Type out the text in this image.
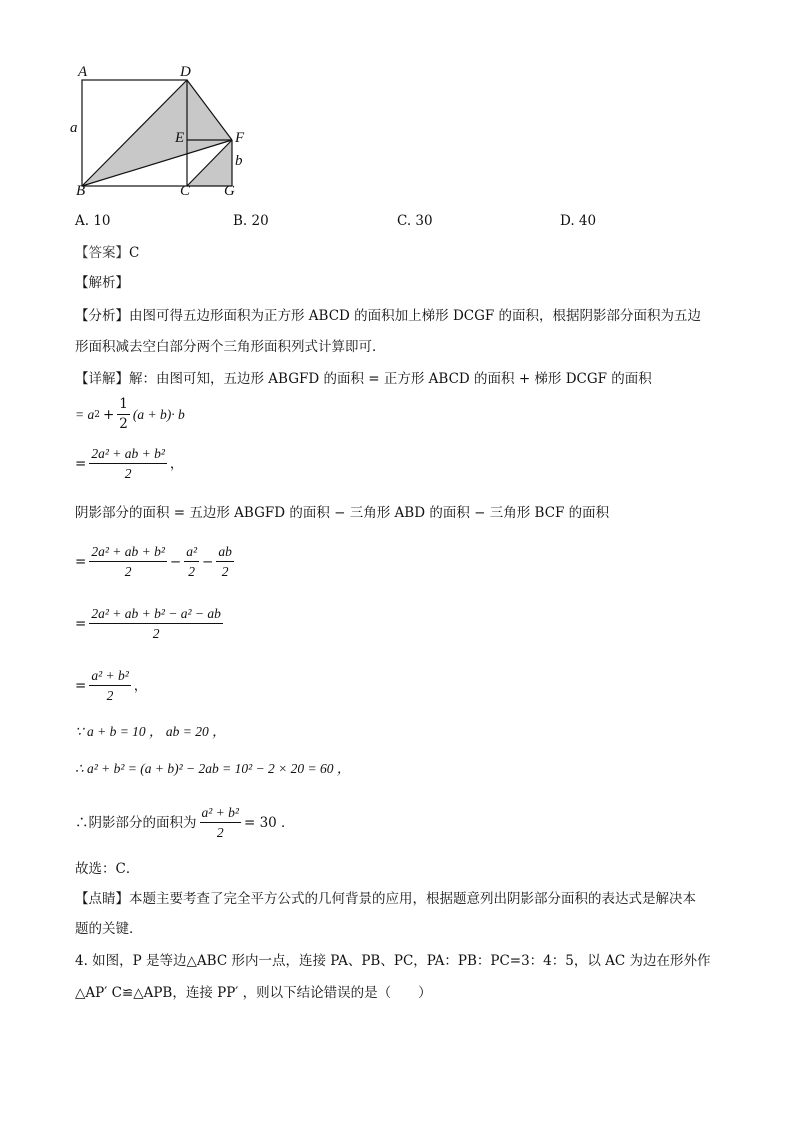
A	D
a
E	F
b
B	C G
A. 10	B. 20	C. 30	D. 40
【答案】 C
【解析】
【分析】 由图可得五边形面积为正方形 ABCD 的面积加上梯形 DCGF 的面积，根据阴影部分面积为五边
形面积减去空白部分两个三角形面积列式计算即可．
【详解】 解：由图可知，五边形 ABGFD 的面积 = 正方形 ABCD 的面积 + 梯形 DCGF 的面积
= a $2 + \frac{1}{2} (a + b)\cdot b$
= $\frac{\text{2a² + ab + b²}}{2}$ ，
阴影部分的面积 = 五边形 ABGFD 的面积 − 三角形 ABD 的面积 − 三角形 BCF 的面积
= $\frac{\text{2a² + ab + b²}}{2} - \frac{\text{a²}}{2} - \frac{ab}{2}$
= $\frac{\text{2a² + ab + b² − a² − ab}}{2}$
= $\frac{\text{a² + b²}}{2}$ ，
∵ a + b = 10 ， ab = 20 ，
∴ a² + b² = (a + b)² − 2ab = 10² − 2 × 20 = 60 ，
∴阴影部分的面积为 $\frac{\text{a² + b²}}{2} = 30$ ．
故选：C．
【点睛】 本题主要考查了完全平方公式的几何背景的应用，根据题意列出阴影部分面积的表达式是解决本
题的关键．
4. 如图，P 是等边△ABC 形内一点，连接 PA、PB、PC，PA：PB：PC=3：4：5，以 AC 为边在形外作
△AP′ C≌△APB，连接 PP′ ，则以下结论错误的是（　　）
